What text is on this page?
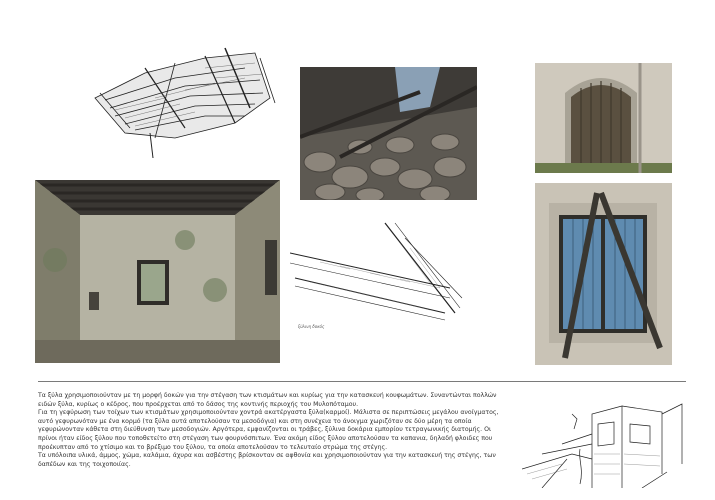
ξύλινη δοκός

Τα ξύλα χρησιμοποιούνταν με τη μορφή δοκών για την στέγαση των κτισμάτων και κυρίως για την κατασκευή κουφωμάτων. Συναντώνται πολλών ειδών ξύλα, κυρίως ο κέδρος, που προέρχεται από το δάσος της κοντινής περιοχής του Μυλοπόταμου.

Για τη γεφύρωση των τοίχων των κτισμάτων χρησιμοποιούνταν χοντρά ακατέργαστα ξύλα(καρμοί). Μάλιστα σε περιπτώσεις μεγάλου ανοίγματος, αυτό γεφυρωνόταν με ένα κορμό (τα ξύλα αυτά αποτελούσαν τα μεσοδόγια) και στη συνέχεια το άνοιγμα χωριζόταν σε δύο μέρη τα οποία γεφυρώνονταν κάθετα στη διεύθυνση των μεσοδογιών. Αργότερα, εμφανίζονται οι τράβες, ξύλινα δοκάρια εμπορίου τετραγωνικής διατομής. Οι πρίνοι ήταν είδος ξύλου που τοποθετείτο στη στέγαση των φουρνόσπιτων. Ένα ακόμη είδος ξύλου αποτελούσαν τα καπανια, δηλαδή φλοιδες που προέκυπταν από το χτίσιμο και το βρέξιμο του ξύλου, τα οποία αποτελούσαν το τελευταίο στρώμα της στέγης.

Τα υπόλοιπα υλικά, άμμος, χώμα, καλάμια, άχυρα και ασβέστης βρίσκονταν σε αφθονία και χρησιμοποιούνταν για την κατασκευή της στέγης, των δαπέδων και της τοιχοποιίας.
